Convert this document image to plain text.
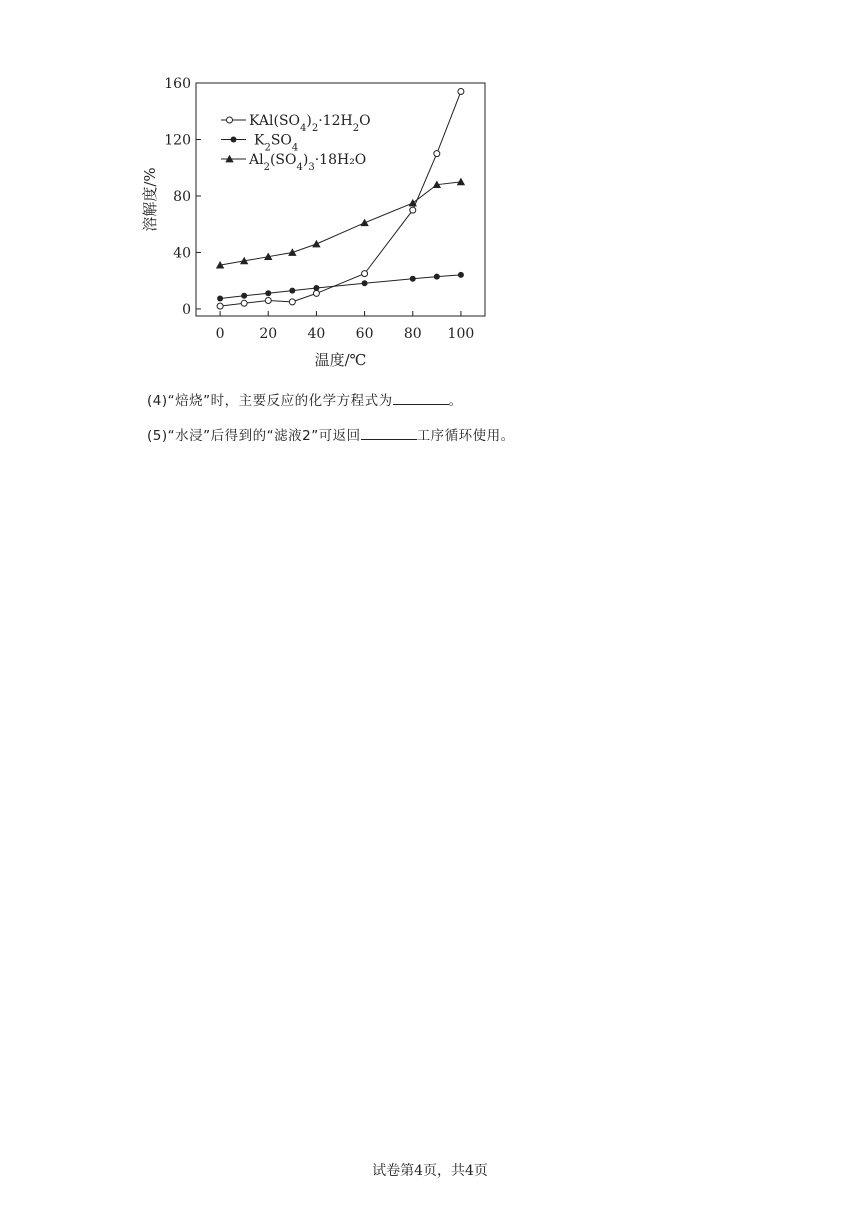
0
40
80
120
160
0 20 40 60 80 100
温度/℃
溶解度/%
$KAl(SO_4)_2\cdot 12H_2O$
$K_2SO_4$
$Al_2(SO_4)_3\cdot 18H_2O$
(4)“焙烧”时，主要反应的化学方程式为	。
(5)“水浸”后得到的“滤液2”可返回	工序循环使用。
试卷第4页，共4页
